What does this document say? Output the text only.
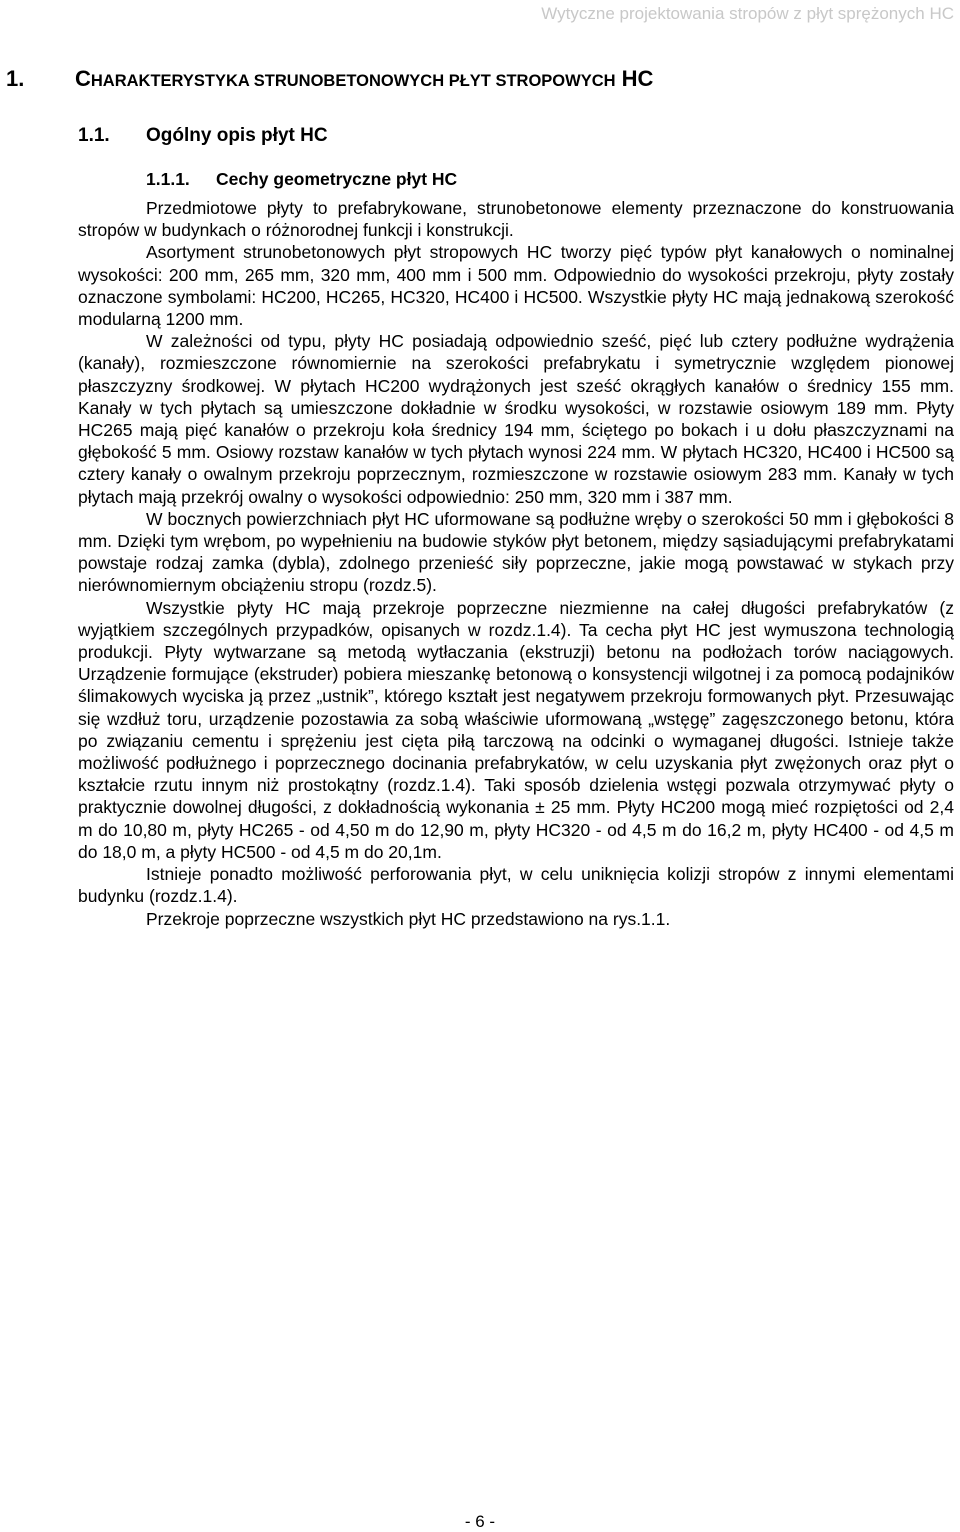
Wytyczne projektowania stropów z płyt sprężonych HC
1. CHARAKTERYSTYKA STRUNOBETONOWYCH PŁYT STROPOWYCH HC
1.1. Ogólny opis płyt HC
1.1.1. Cechy geometryczne płyt HC

Przedmiotowe płyty to prefabrykowane, strunobetonowe elementy przeznaczone do konstruowania stropów w budynkach o różnorodnej funkcji i konstrukcji.

Asortyment strunobetonowych płyt stropowych HC tworzy pięć typów płyt kanałowych o nominalnej wysokości: 200 mm, 265 mm, 320 mm, 400 mm i 500 mm. Odpowiednio do wysokości przekroju, płyty zostały oznaczone symbolami: HC200, HC265, HC320, HC400 i HC500. Wszystkie płyty HC mają jednakową szerokość modularną 1200 mm.

W zależności od typu, płyty HC posiadają odpowiednio sześć, pięć lub cztery podłużne wydrążenia (kanały), rozmieszczone równomiernie na szerokości prefabrykatu i symetrycznie względem pionowej płaszczyzny środkowej. W płytach HC200 wydrążonych jest sześć okrągłych kanałów o średnicy 155 mm. Kanały w tych płytach są umieszczone dokładnie w środku wysokości, w rozstawie osiowym 189 mm. Płyty HC265 mają pięć kanałów o przekroju koła średnicy 194 mm, ściętego po bokach i u dołu płaszczyznami na głębokość 5 mm. Osiowy rozstaw kanałów w tych płytach wynosi 224 mm. W płytach HC320, HC400 i HC500 są cztery kanały o owalnym przekroju poprzecznym, rozmieszczone w rozstawie osiowym 283 mm. Kanały w tych płytach mają przekrój owalny o wysokości odpowiednio: 250 mm, 320 mm i 387 mm.

W bocznych powierzchniach płyt HC uformowane są podłużne wręby o szerokości 50 mm i głębokości 8 mm. Dzięki tym wrębom, po wypełnieniu na budowie styków płyt betonem, między sąsiadującymi prefabrykatami powstaje rodzaj zamka (dybla), zdolnego przenieść siły poprzeczne, jakie mogą powstawać w stykach przy nierównomiernym obciążeniu stropu (rozdz.5).

Wszystkie płyty HC mają przekroje poprzeczne niezmienne na całej długości prefabrykatów (z wyjątkiem szczególnych przypadków, opisanych w rozdz.1.4). Ta cecha płyt HC jest wymuszona technologią produkcji. Płyty wytwarzane są metodą wytłaczania (ekstruzji) betonu na podłożach torów naciągowych. Urządzenie formujące (ekstruder) pobiera mieszankę betonową o konsystencji wilgotnej i za pomocą podajników ślimakowych wyciska ją przez „ustnik”, którego kształt jest negatywem przekroju formowanych płyt. Przesuwając się wzdłuż toru, urządzenie pozostawia za sobą właściwie uformowaną „wstęgę” zagęszczonego betonu, która po związaniu cementu i sprężeniu jest cięta piłą tarczową na odcinki o wymaganej długości. Istnieje także możliwość podłużnego i poprzecznego docinania prefabrykatów, w celu uzyskania płyt zwężonych oraz płyt o kształcie rzutu innym niż prostokątny (rozdz.1.4). Taki sposób dzielenia wstęgi pozwala otrzymywać płyty o praktycznie dowolnej długości, z dokładnością wykonania ± 25 mm. Płyty HC200 mogą mieć rozpiętości od 2,4 m do 10,80 m, płyty HC265 - od 4,50 m do 12,90 m, płyty HC320 - od 4,5 m do 16,2 m, płyty HC400 - od 4,5 m do 18,0 m, a płyty HC500 - od 4,5 m do 20,1m.

Istnieje ponadto możliwość perforowania płyt, w celu uniknięcia kolizji stropów z innymi elementami budynku (rozdz.1.4).

Przekroje poprzeczne wszystkich płyt HC przedstawiono na rys.1.1.

- 6 -
